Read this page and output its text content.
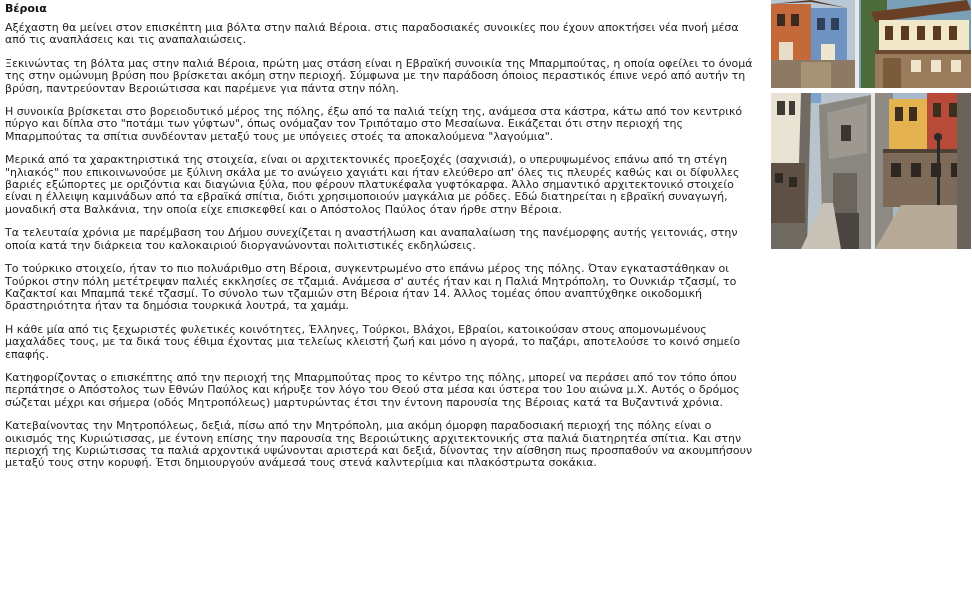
Βέροια
Αξέχαστη θα μείνει στον επισκέπτη μια βόλτα στην παλιά Βέροια. στις παραδοσιακές συνοικίες που έχουν αποκτήσει νέα πνοή μέσα από τις αναπλάσεις και τις αναπαλαιώσεις.
Ξεκινώντας τη βόλτα μας στην παλιά Βέροια, πρώτη μας στάση είναι η Εβραϊκή συνοικία της Μπαρμπούτας, η οποία οφείλει το όνομά της στην ομώνυμη βρύση που βρίσκεται ακόμη στην περιοχή. Σύμφωνα με την παράδοση όποιος περαστικός έπινε νερό από αυτήν τη βρύση, παντρεύονταν Βεροιώτισσα και παρέμενε για πάντα στην πόλη.
Η συνοικία βρίσκεται στο βορειοδυτικό μέρος της πόλης, έξω από τα παλιά τείχη της, ανάμεσα στα κάστρα, κάτω από τον κεντρικό πύργο και δίπλα στο "ποτάμι των γύφτων", όπως ονόμαζαν τον Τριπόταμο στο Μεσαίωνα. Εικάζεται ότι στην περιοχή της Μπαρμπούτας τα σπίτια συνδέονταν μεταξύ τους με υπόγειες στοές τα αποκαλούμενα "λαγούμια".
Μερικά από τα χαρακτηριστικά της στοιχεία, είναι οι αρχιτεκτονικές προεξοχές (σαχνισιά), ο υπερυψωμένος επάνω από τη στέγη "ηλιακός" που επικοινωνούσε με ξύλινη σκάλα με το ανώγειο χαγιάτι και ήταν ελεύθερο απ' όλες τις πλευρές καθώς και οι δίφυλλες βαριές εξώπορτες με οριζόντια και διαγώνια ξύλα, που φέρουν πλατυκέφαλα γυφτόκαρφα. Άλλο σημαντικό αρχιτεκτονικό στοιχείο είναι η έλλειψη καμινάδων από τα εβραϊκά σπίτια, διότι χρησιμοποιούν μαγκάλια με ρόδες. Εδώ διατηρείται η εβραϊκή συναγωγή, μοναδική στα Βαλκάνια, την οποία είχε επισκεφθεί και ο Απόστολος Παύλος όταν ήρθε στην Βέροια.
Τα τελευταία χρόνια με παρέμβαση του Δήμου συνεχίζεται η αναστήλωση και αναπαλαίωση της πανέμορφης αυτής γειτονιάς, στην οποία κατά την διάρκεια του καλοκαιριού διοργανώνονται πολιτιστικές εκδηλώσεις.
Το τούρκικο στοιχείο, ήταν το πιο πολυάριθμο στη Βέροια, συγκεντρωμένο στο επάνω μέρος της πόλης. Όταν εγκαταστάθηκαν οι Τούρκοι στην πόλη μετέτρεψαν παλιές εκκλησίες σε τζαμιά. Ανάμεσα σ' αυτές ήταν και η Παλιά Μητρόπολη, το Ουνκιάρ τζασμί, το Καζακτσί και Μπαμπά τεκέ τζασμί. Το σύνολο των τζαμιών στη Βέροια ήταν 14. Άλλος τομέας όπου αναπτύχθηκε οικοδομική δραστηριότητα ήταν τα δημόσια τουρκικά λουτρά, τα χαμάμ.
Η κάθε μία από τις ξεχωριστές φυλετικές κοινότητες, Έλληνες, Τούρκοι, Βλάχοι, Εβραίοι, κατοικούσαν στους απομονωμένους μαχαλάδες τους, με τα δικά τους έθιμα έχοντας μια τελείως κλειστή ζωή και μόνο η αγορά, το παζάρι, αποτελούσε το κοινό σημείο επαφής.
Κατηφορίζοντας ο επισκέπτης από την περιοχή της Μπαρμπούτας προς το κέντρο της πόλης, μπορεί να περάσει από τον τόπο όπου περπάτησε ο Απόστολος των Εθνών Παύλος και κήρυξε τον λόγο του Θεού στα μέσα και ύστερα του 1ου αιώνα μ.Χ. Αυτός ο δρόμος σώζεται μέχρι και σήμερα (οδός Μητροπόλεως) μαρτυρώντας έτσι την έντονη παρουσία της Βέροιας κατά τα Βυζαντινά χρόνια.
Κατεβαίνοντας την Μητροπόλεως, δεξιά, πίσω από την Μητρόπολη, μια ακόμη όμορφη παραδοσιακή περιοχή της πόλης είναι ο οικισμός της Κυριώτισσας, με έντονη επίσης την παρουσία της Βεροιώτικης αρχιτεκτονικής στα παλιά διατηρητέα σπίτια. Και στην περιοχή της Κυριώτισσας τα παλιά αρχοντικά υψώνονται αριστερά και δεξιά, δίνοντας την αίσθηση πως προσπαθούν να ακουμπήσουν μεταξύ τους στην κορυφή. Έτσι δημιουργούν ανάμεσά τους στενά καλντερίμια και πλακόστρωτα σοκάκια.
